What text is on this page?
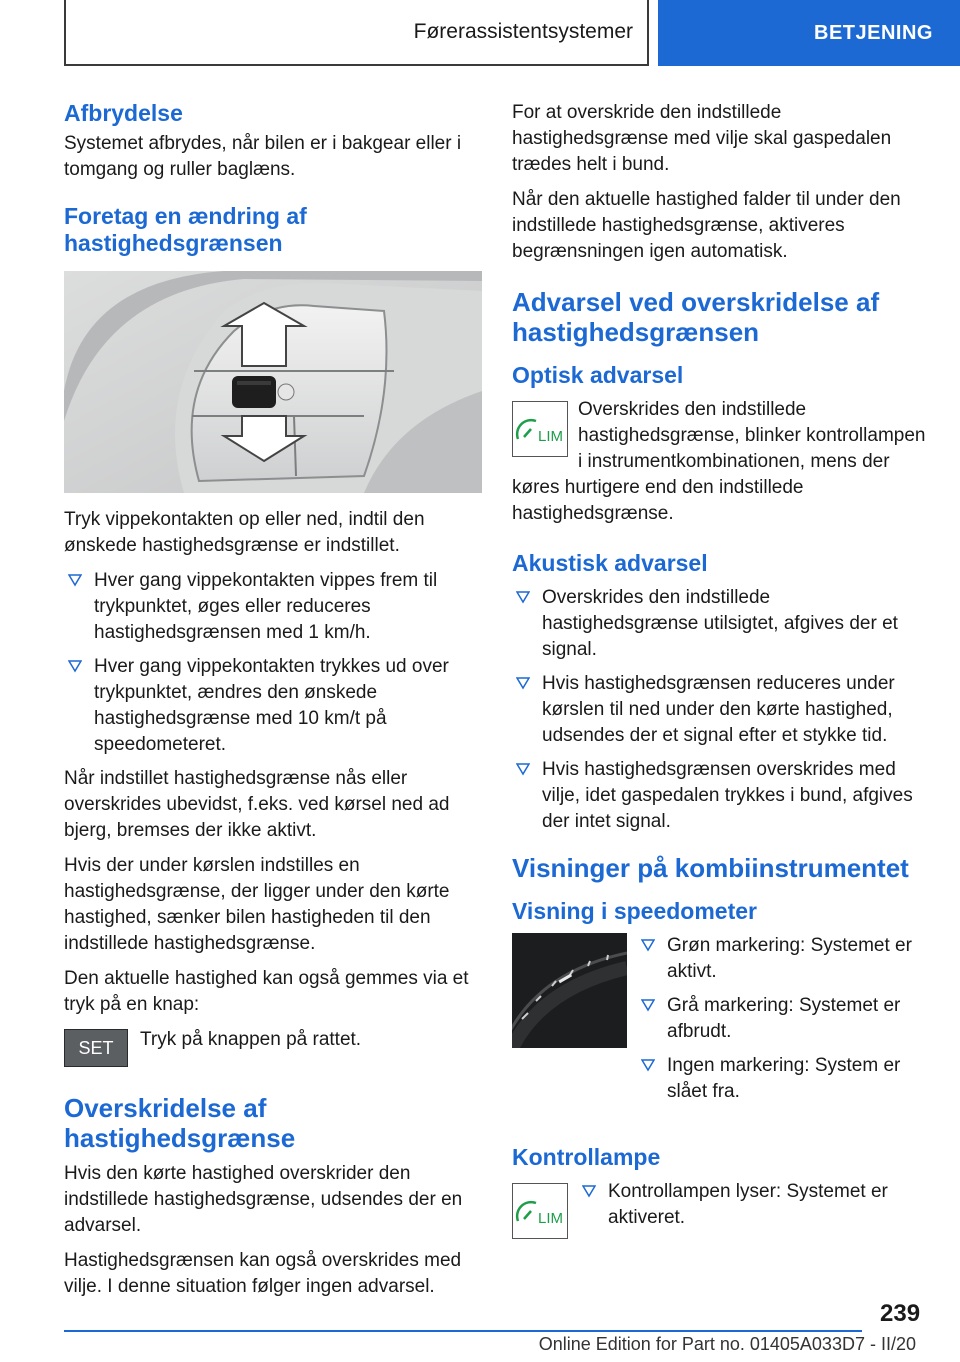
Førerassistentsystemer	BETJENING
Afbrydelse

Systemet afbrydes, når bilen er i bakgear eller i tomgang og ruller baglæns.

Foretag en ændring af hastighedsgrænsen

Tryk vippekontakten op eller ned, indtil den ønskede hastighedsgrænse er indstillet.

Hver gang vippekontakten vippes frem til trykpunktet, øges eller reduceres hastighedsgrænsen med 1 km/h.
Hver gang vippekontakten trykkes ud over trykpunktet, ændres den ønskede hastighedsgrænse med 10 km/t på speedometeret.

Når indstillet hastighedsgrænse nås eller overskrides ubevidst, f.eks. ved kørsel ned ad bjerg, bremses der ikke aktivt.

Hvis der under kørslen indstilles en hastighedsgrænse, der ligger under den kørte hastighed, sænker bilen hastigheden til den indstillede hastighedsgrænse.

Den aktuelle hastighed kan også gemmes via et tryk på en knap:

SET	Tryk på knappen på rattet.

Overskridelse af hastighedsgrænse

Hvis den kørte hastighed overskrider den indstillede hastighedsgrænse, udsendes der en advarsel.

Hastighedsgrænsen kan også overskrides med vilje. I denne situation følger ingen advarsel.

For at overskride den indstillede hastighedsgrænse med vilje skal gaspedalen trædes helt i bund.

Når den aktuelle hastighed falder til under den indstillede hastighedsgrænse, aktiveres begrænsningen igen automatisk.

Advarsel ved overskridelse af hastighedsgrænsen
Optisk advarsel
LIM

Overskrides den indstillede hastighedsgrænse, blinker kontrollampen i instrumentkombinationen, mens der køres hurtigere end den indstillede hastighedsgrænse.

Akustisk advarsel
Overskrides den indstillede hastighedsgrænse utilsigtet, afgives der et signal.
Hvis hastighedsgrænsen reduceres under kørslen til ned under den kørte hastighed, udsendes der et signal efter et stykke tid.
Hvis hastighedsgrænsen overskrides med vilje, idet gaspedalen trykkes i bund, afgives der intet signal.
Visninger på kombiinstrumentet
Visning i speedometer
Grøn markering: Systemet er aktivt.
Grå markering: Systemet er afbrudt.
Ingen markering: System er slået fra.
Kontrollampe
LIM
Kontrollampen lyser: Systemet er aktiveret.
239
Online Edition for Part no. 01405A033D7 - II/20
